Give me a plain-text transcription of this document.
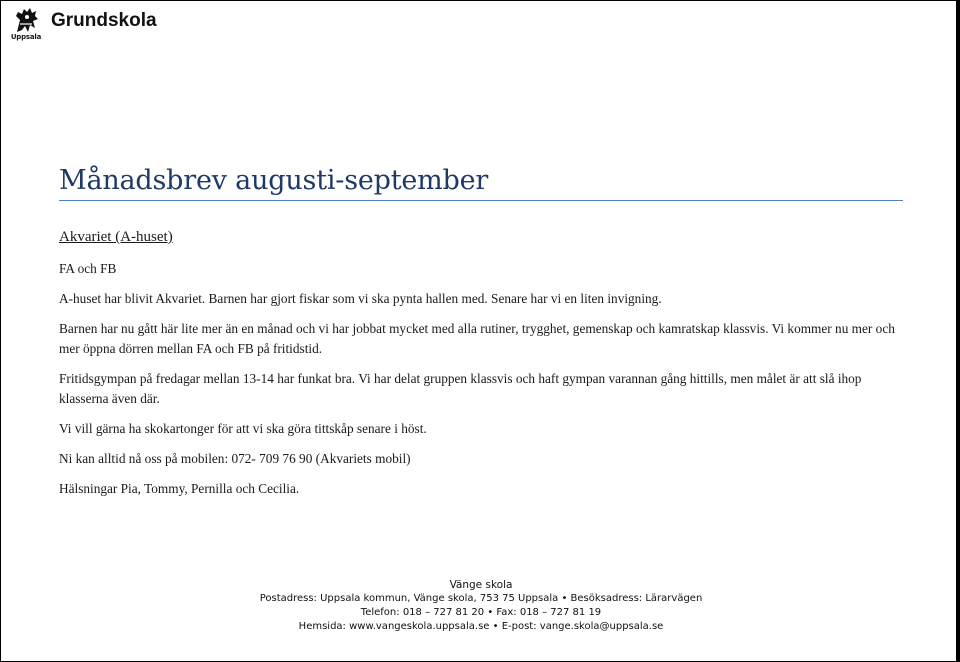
Uppsala
Grundskola
Månadsbrev augusti-september

Akvariet (A-huset)

FA och FB

A-huset har blivit Akvariet. Barnen har gjort fiskar som vi ska pynta hallen med. Senare har vi en liten invigning.

Barnen har nu gått här lite mer än en månad och vi har jobbat mycket med alla rutiner, trygghet, gemenskap och kamratskap klassvis. Vi kommer nu mer och mer öppna dörren mellan FA och FB på fritidstid.

Fritidsgympan på fredagar mellan 13-14 har funkat bra. Vi har delat gruppen klassvis och haft gympan varannan gång hittills, men målet är att slå ihop klasserna även där.

Vi vill gärna ha skokartonger för att vi ska göra tittskåp senare i höst.

Ni kan alltid nå oss på mobilen: 072- 709 76 90 (Akvariets mobil)

Hälsningar Pia, Tommy, Pernilla och Cecilia.

Vänge skola
Postadress: Uppsala kommun, Vänge skola, 753 75 Uppsala • Besöksadress: Lärarvägen
Telefon: 018 – 727 81 20 • Fax: 018 – 727 81 19
Hemsida: www.vangeskola.uppsala.se • E-post: vange.skola@uppsala.se
